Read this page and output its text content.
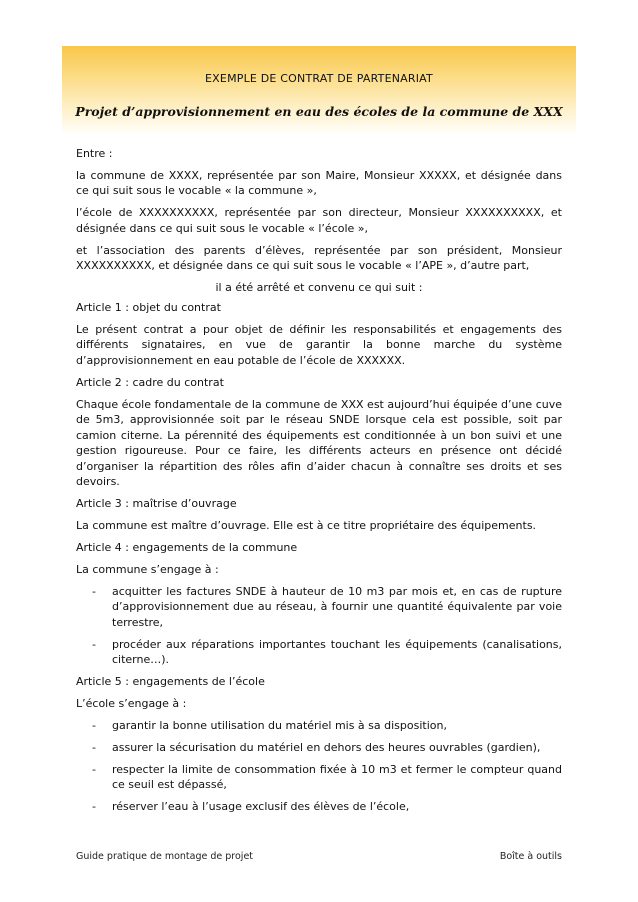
EXEMPLE DE CONTRAT DE PARTENARIAT
Projet d’approvisionnement en eau des écoles de la commune de XXX

Entre :

la commune de XXXX, représentée par son Maire, Monsieur XXXXX, et désignée dans ce qui suit sous le vocable « la commune »,

l’école de XXXXXXXXXX, représentée par son directeur, Monsieur XXXXXXXXXX, et désignée dans ce qui suit sous le vocable « l’école »,

et l’association des parents d’élèves, représentée par son président, Monsieur XXXXXXXXXX, et désignée dans ce qui suit sous le vocable « l’APE », d’autre part,

il a été arrêté et convenu ce qui suit :

Article 1 : objet du contrat

Le présent contrat a pour objet de définir les responsabilités et engagements des différents signataires, en vue de garantir la bonne marche du système d’approvisionnement en eau potable de l’école de XXXXXX.

Article 2 : cadre du contrat

Chaque école fondamentale de la commune de XXX est aujourd’hui équipée d’une cuve de 5m3, approvisionnée soit par le réseau SNDE lorsque cela est possible, soit par camion citerne. La pérennité des équipements est conditionnée à un bon suivi et une gestion rigoureuse. Pour ce faire, les différents acteurs en présence ont décidé d’organiser la répartition des rôles afin d’aider chacun à connaître ses droits et ses devoirs.

Article 3 : maîtrise d’ouvrage

La commune est maître d’ouvrage. Elle est à ce titre propriétaire des équipements.

Article 4 : engagements de la commune

La commune s’engage à :

- acquitter les factures SNDE à hauteur de 10 m3 par mois et, en cas de rupture d’approvisionnement due au réseau, à fournir une quantité équivalente par voie terrestre,
- procéder aux réparations importantes touchant les équipements (canalisations, citerne…).

Article 5 : engagements de l’école

L’école s’engage à :

- garantir la bonne utilisation du matériel mis à sa disposition,
- assurer la sécurisation du matériel en dehors des heures ouvrables (gardien),
- respecter la limite de consommation fixée à 10 m3 et fermer le compteur quand ce seuil est dépassé,
- réserver l’eau à l’usage exclusif des élèves de l’école,
Guide pratique de montage de projet	Boîte à outils
